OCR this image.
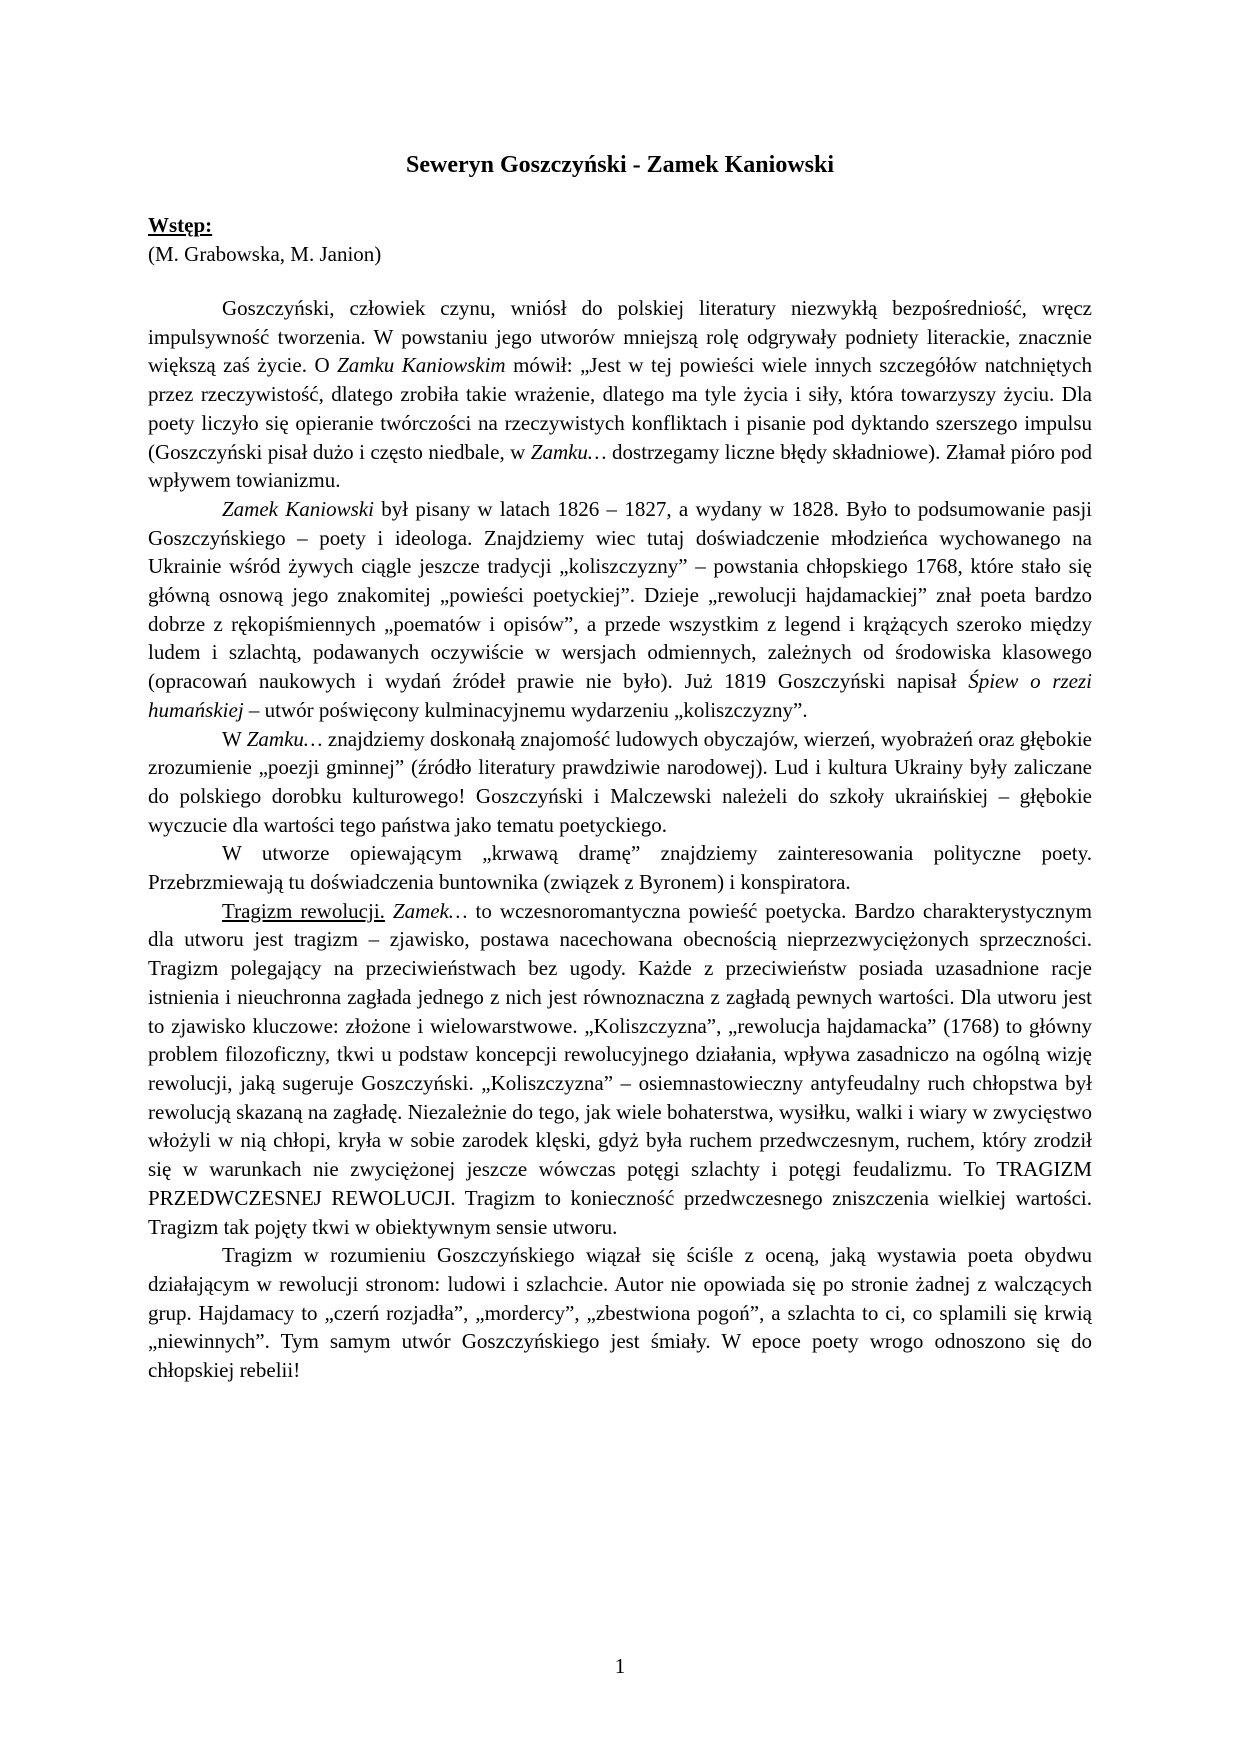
Seweryn Goszczyński - Zamek Kaniowski
Wstęp:
(M. Grabowska, M. Janion)

Goszczyński, człowiek czynu, wniósł do polskiej literatury niezwykłą bezpośredniość, wręcz impulsywność tworzenia. W powstaniu jego utworów mniejszą rolę odgrywały podniety literackie, znacznie większą zaś życie. O Zamku Kaniowskim mówił: „Jest w tej powieści wiele innych szczegółów natchniętych przez rzeczywistość, dlatego zrobiła takie wrażenie, dlatego ma tyle życia i siły, która towarzyszy życiu. Dla poety liczyło się opieranie twórczości na rzeczywistych konfliktach i pisanie pod dyktando szerszego impulsu (Goszczyński pisał dużo i często niedbale, w Zamku… dostrzegamy liczne błędy składniowe). Złamał pióro pod wpływem towianizmu.

Zamek Kaniowski był pisany w latach 1826 – 1827, a wydany w 1828. Było to podsumowanie pasji Goszczyńskiego – poety i ideologa. Znajdziemy wiec tutaj doświadczenie młodzieńca wychowanego na Ukrainie wśród żywych ciągle jeszcze tradycji „koliszczyzny” – powstania chłopskiego 1768, które stało się główną osnową jego znakomitej „powieści poetyckiej”. Dzieje „rewolucji hajdamackiej” znał poeta bardzo dobrze z rękopiśmiennych „poematów i opisów”, a przede wszystkim z legend i krążących szeroko między ludem i szlachtą, podawanych oczywiście w wersjach odmiennych, zależnych od środowiska klasowego (opracowań naukowych i wydań źródeł prawie nie było). Już 1819 Goszczyński napisał Śpiew o rzezi humańskiej – utwór poświęcony kulminacyjnemu wydarzeniu „koliszczyzny”.

W Zamku… znajdziemy doskonałą znajomość ludowych obyczajów, wierzeń, wyobrażeń oraz głębokie zrozumienie „poezji gminnej” (źródło literatury prawdziwie narodowej). Lud i kultura Ukrainy były zaliczane do polskiego dorobku kulturowego! Goszczyński i Malczewski należeli do szkoły ukraińskiej – głębokie wyczucie dla wartości tego państwa jako tematu poetyckiego.

W utworze opiewającym „krwawą dramę” znajdziemy zainteresowania polityczne poety. Przebrzmiewają tu doświadczenia buntownika (związek z Byronem) i konspiratora.

Tragizm rewolucji. Zamek… to wczesnoromantyczna powieść poetycka. Bardzo charakterystycznym dla utworu jest tragizm – zjawisko, postawa nacechowana obecnością nieprzezwyciężonych sprzeczności. Tragizm polegający na przeciwieństwach bez ugody. Każde z przeciwieństw posiada uzasadnione racje istnienia i nieuchronna zagłada jednego z nich jest równoznaczna z zagładą pewnych wartości. Dla utworu jest to zjawisko kluczowe: złożone i wielowarstwowe. „Koliszczyzna”, „rewolucja hajdamacka” (1768) to główny problem filozoficzny, tkwi u podstaw koncepcji rewolucyjnego działania, wpływa zasadniczo na ogólną wizję rewolucji, jaką sugeruje Goszczyński. „Koliszczyzna” – osiemnastowieczny antyfeudalny ruch chłopstwa był rewolucją skazaną na zagładę. Niezależnie do tego, jak wiele bohaterstwa, wysiłku, walki i wiary w zwycięstwo włożyli w nią chłopi, kryła w sobie zarodek klęski, gdyż była ruchem przedwczesnym, ruchem, który zrodził się w warunkach nie zwyciężonej jeszcze wówczas potęgi szlachty i potęgi feudalizmu. To TRAGIZM PRZEDWCZESNEJ REWOLUCJI. Tragizm to konieczność przedwczesnego zniszczenia wielkiej wartości. Tragizm tak pojęty tkwi w obiektywnym sensie utworu.

Tragizm w rozumieniu Goszczyńskiego wiązał się ściśle z oceną, jaką wystawia poeta obydwu działającym w rewolucji stronom: ludowi i szlachcie. Autor nie opowiada się po stronie żadnej z walczących grup. Hajdamacy to „czerń rozjadła”, „mordercy”, „zbestwiona pogoń”, a szlachta to ci, co splamili się krwią „niewinnych”. Tym samym utwór Goszczyńskiego jest śmiały. W epoce poety wrogo odnoszono się do chłopskiej rebelii!

1
